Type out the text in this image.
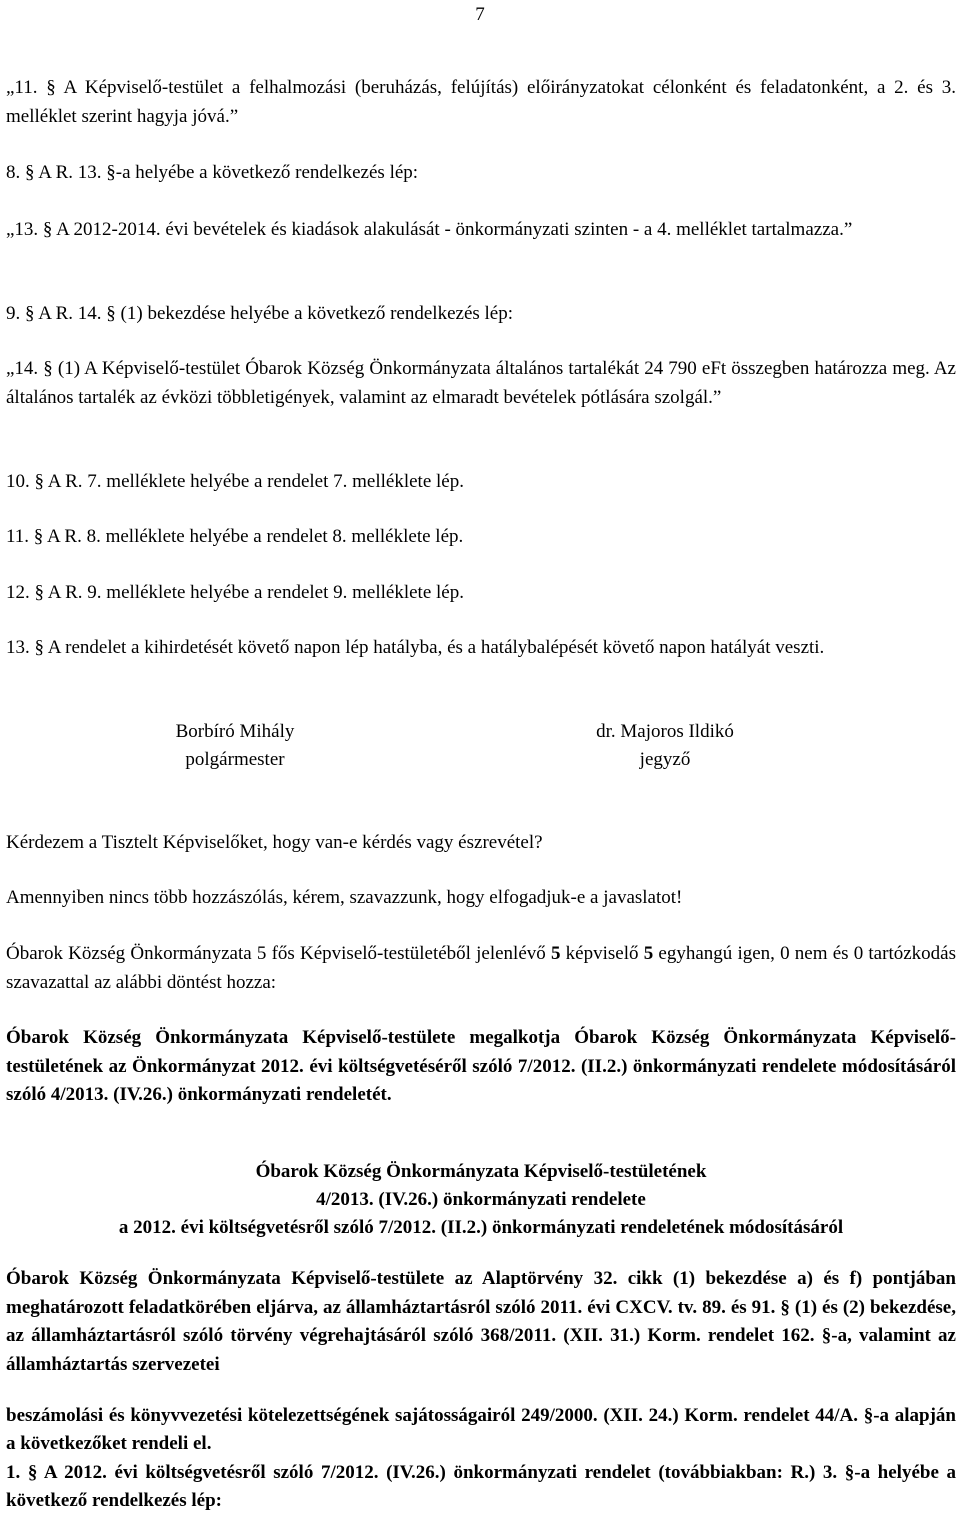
7

„11. § A Képviselő-testület a felhalmozási (beruházás, felújítás) előirányzatokat célonként és feladatonként, a 2. és 3. melléklet szerint hagyja jóvá.”

8. § A R. 13. §-a helyébe a következő rendelkezés lép:

„13. § A 2012-2014. évi bevételek és kiadások alakulását - önkormányzati szinten - a 4. melléklet tartalmazza.”

9. § A R. 14. § (1) bekezdése helyébe a következő rendelkezés lép:

„14. § (1) A Képviselő-testület Óbarok Község Önkormányzata általános tartalékát 24 790 eFt összegben határozza meg. Az általános tartalék az évközi többletigények, valamint az elmaradt bevételek pótlására szolgál.”

10. § A R. 7. melléklete helyébe a rendelet 7. melléklete lép.

11. § A R. 8. melléklete helyébe a rendelet 8. melléklete lép.

12. § A R. 9. melléklete helyébe a rendelet 9. melléklete lép.

13. § A rendelet a kihirdetését követő napon lép hatályba, és a hatálybalépését követő napon hatályát veszti.

Borbíró Mihály
polgármester
dr. Majoros Ildikó
jegyző

Kérdezem a Tisztelt Képviselőket, hogy van-e kérdés vagy észrevétel?

Amennyiben nincs több hozzászólás, kérem, szavazzunk, hogy elfogadjuk-e a javaslatot!

Óbarok Község Önkormányzata 5 fős Képviselő-testületéből jelenlévő 5 képviselő 5 egyhangú igen, 0 nem és 0 tartózkodás szavazattal az alábbi döntést hozza:

Óbarok Község Önkormányzata Képviselő-testülete megalkotja Óbarok Község Önkormányzata Képviselő-testületének az Önkormányzat 2012. évi költségvetéséről szóló 7/2012. (II.2.) önkormányzati rendelete módosításáról szóló 4/2013. (IV.26.) önkormányzati rendeletét.

Óbarok Község Önkormányzata Képviselő-testületének
4/2013. (IV.26.) önkormányzati rendelete
a 2012. évi költségvetésről szóló 7/2012. (II.2.) önkormányzati rendeletének módosításáról

Óbarok Község Önkormányzata Képviselő-testülete az Alaptörvény 32. cikk (1) bekezdése a) és f) pontjában meghatározott feladatkörében eljárva, az államháztartásról szóló 2011. évi CXCV. tv. 89. és 91. § (1) és (2) bekezdése, az államháztartásról szóló törvény végrehajtásáról szóló 368/2011. (XII. 31.) Korm. rendelet 162. §-a, valamint az államháztartás szervezetei

beszámolási és könyvvezetési kötelezettségének sajátosságairól 249/2000. (XII. 24.) Korm. rendelet 44/A. §-a alapján a következőket rendeli el.

1. § A 2012. évi költségvetésről szóló 7/2012. (IV.26.) önkormányzati rendelet (továbbiakban: R.) 3. §-a helyébe a következő rendelkezés lép:
